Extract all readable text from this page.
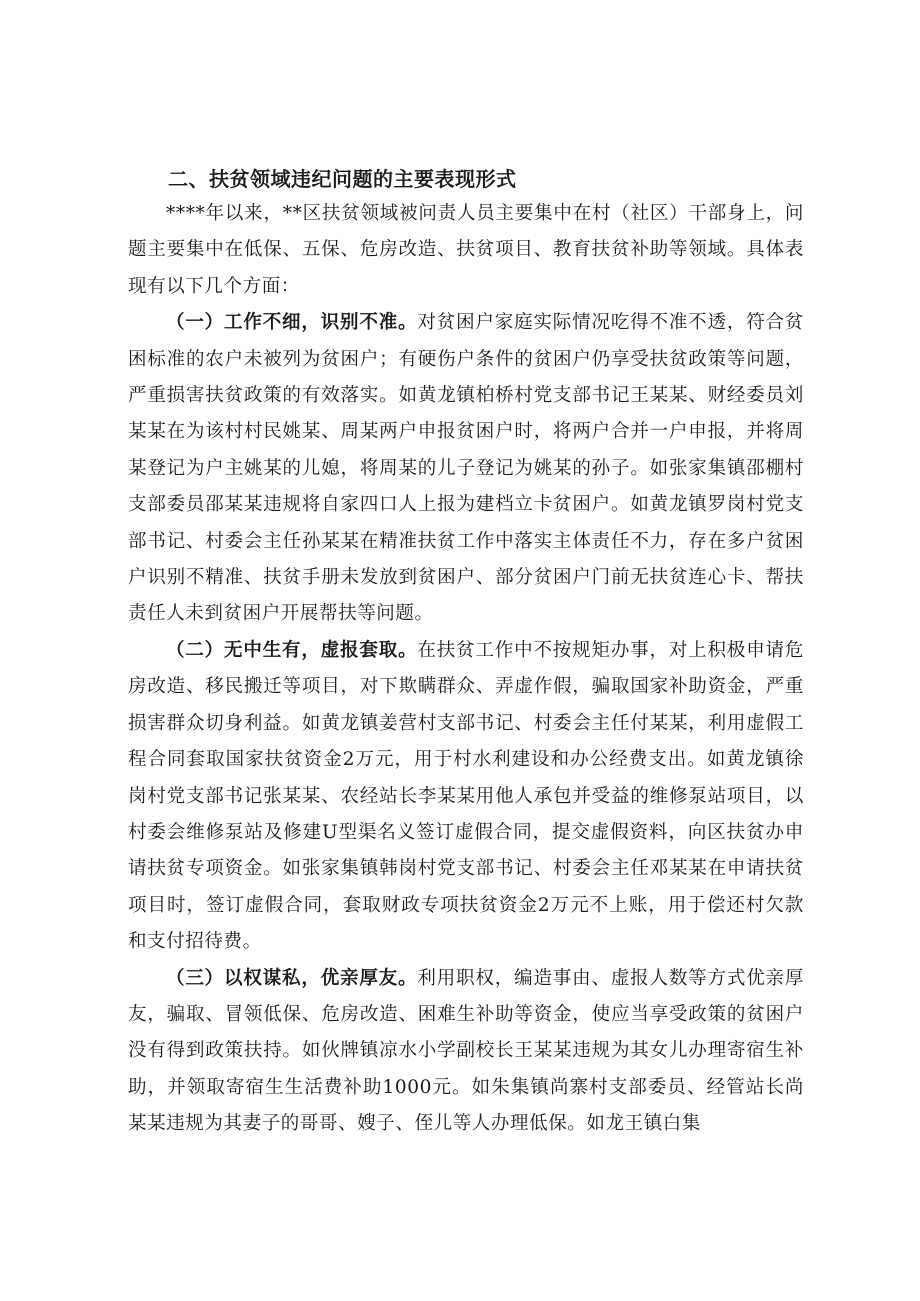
二、扶贫领域违纪问题的主要表现形式

****年以来，**区扶贫领域被问责人员主要集中在村（社区）干部身上，问题主要集中在低保、五保、危房改造、扶贫项目、教育扶贫补助等领域。具体表现有以下几个方面：

（一）工作不细，识别不准。对贫困户家庭实际情况吃得不准不透，符合贫困标准的农户未被列为贫困户；有硬伤户条件的贫困户仍享受扶贫政策等问题，严重损害扶贫政策的有效落实。如黄龙镇柏桥村党支部书记王某某、财经委员刘某某在为该村村民姚某、周某两户申报贫困户时，将两户合并一户申报，并将周某登记为户主姚某的儿媳，将周某的儿子登记为姚某的孙子。如张家集镇邵棚村支部委员邵某某违规将自家四口人上报为建档立卡贫困户。如黄龙镇罗岗村党支部书记、村委会主任孙某某在精准扶贫工作中落实主体责任不力，存在多户贫困户识别不精准、扶贫手册未发放到贫困户、部分贫困户门前无扶贫连心卡、帮扶责任人未到贫困户开展帮扶等问题。

（二）无中生有，虚报套取。在扶贫工作中不按规矩办事，对上积极申请危房改造、移民搬迁等项目，对下欺瞒群众、弄虚作假，骗取国家补助资金，严重损害群众切身利益。如黄龙镇姜营村支部书记、村委会主任付某某，利用虚假工程合同套取国家扶贫资金2万元，用于村水利建设和办公经费支出。如黄龙镇徐岗村党支部书记张某某、农经站长李某某用他人承包并受益的维修泵站项目，以村委会维修泵站及修建U型渠名义签订虚假合同，提交虚假资料，向区扶贫办申请扶贫专项资金。如张家集镇韩岗村党支部书记、村委会主任邓某某在申请扶贫项目时，签订虚假合同，套取财政专项扶贫资金2万元不上账，用于偿还村欠款和支付招待费。

（三）以权谋私，优亲厚友。利用职权，编造事由、虚报人数等方式优亲厚友，骗取、冒领低保、危房改造、困难生补助等资金，使应当享受政策的贫困户没有得到政策扶持。如伙牌镇凉水小学副校长王某某违规为其女儿办理寄宿生补助，并领取寄宿生生活费补助1000元。如朱集镇尚寨村支部委员、经管站长尚某某违规为其妻子的哥哥、嫂子、侄儿等人办理低保。如龙王镇白集
